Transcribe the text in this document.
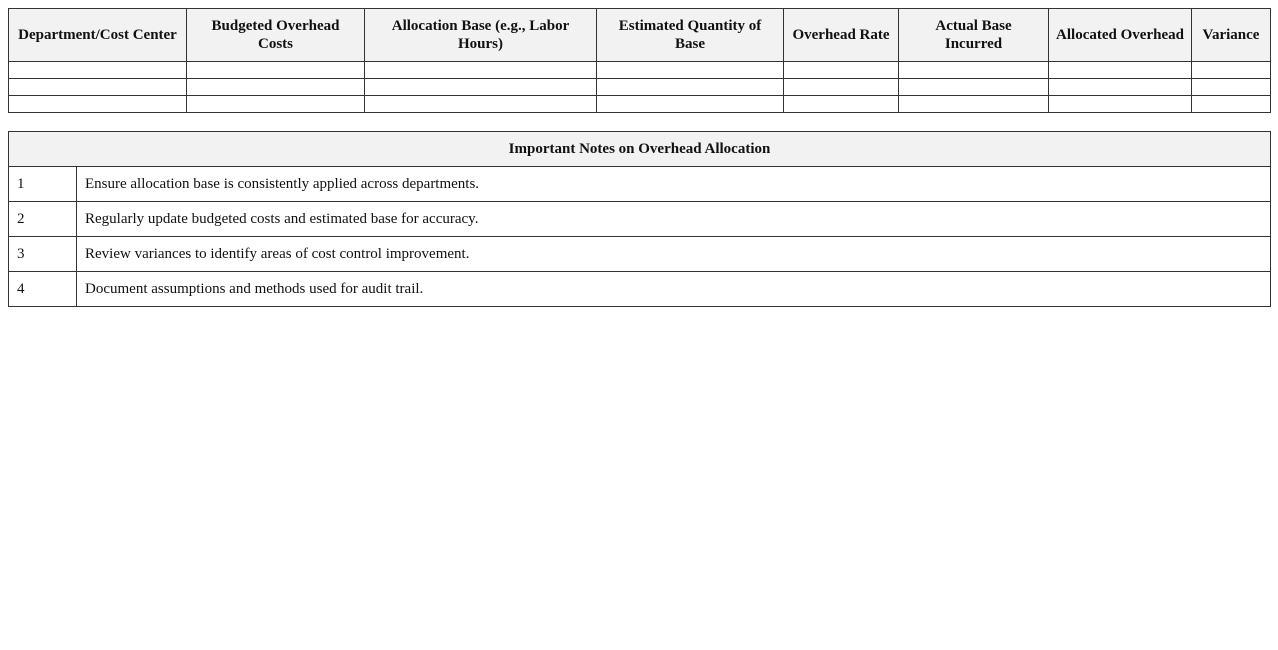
Department/Cost Center	Budgeted Overhead Costs	Allocation Base (e.g., Labor Hours)	Estimated Quantity of Base	Overhead Rate	Actual Base Incurred	Allocated Overhead	Variance

Important Notes on Overhead Allocation	
1	Ensure allocation base is consistently applied across departments.
2	Regularly update budgeted costs and estimated base for accuracy.
3	Review variances to identify areas of cost control improvement.
4	Document assumptions and methods used for audit trail.
